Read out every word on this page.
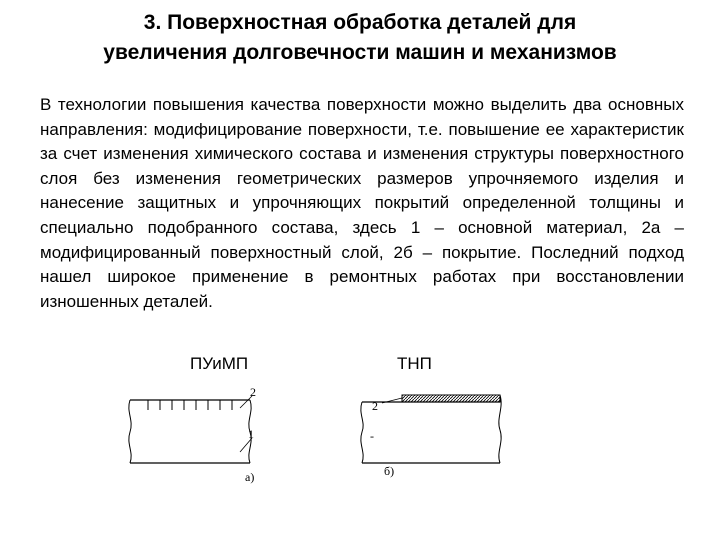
3. Поверхностная обработка деталей для
увеличения долговечности машин и механизмов
В технологии повышения качества поверхности можно выделить два основных направления: модифицирование поверхности, т.е. повышение ее характеристик за счет изменения химического состава и изменения структуры поверхностного слоя без изменения геометрических размеров упрочняемого изделия и нанесение защитных и упрочняющих покрытий определенной толщины и специально подобранного состава, здесь 1 – основной материал, 2а – модифицированный поверхностный слой, 2б – покрытие. Последний подход нашел широкое применение в ремонтных работах при восстановлении изношенных деталей.
ПУиМП	ТНП
2
1
а)
2
-
б)
